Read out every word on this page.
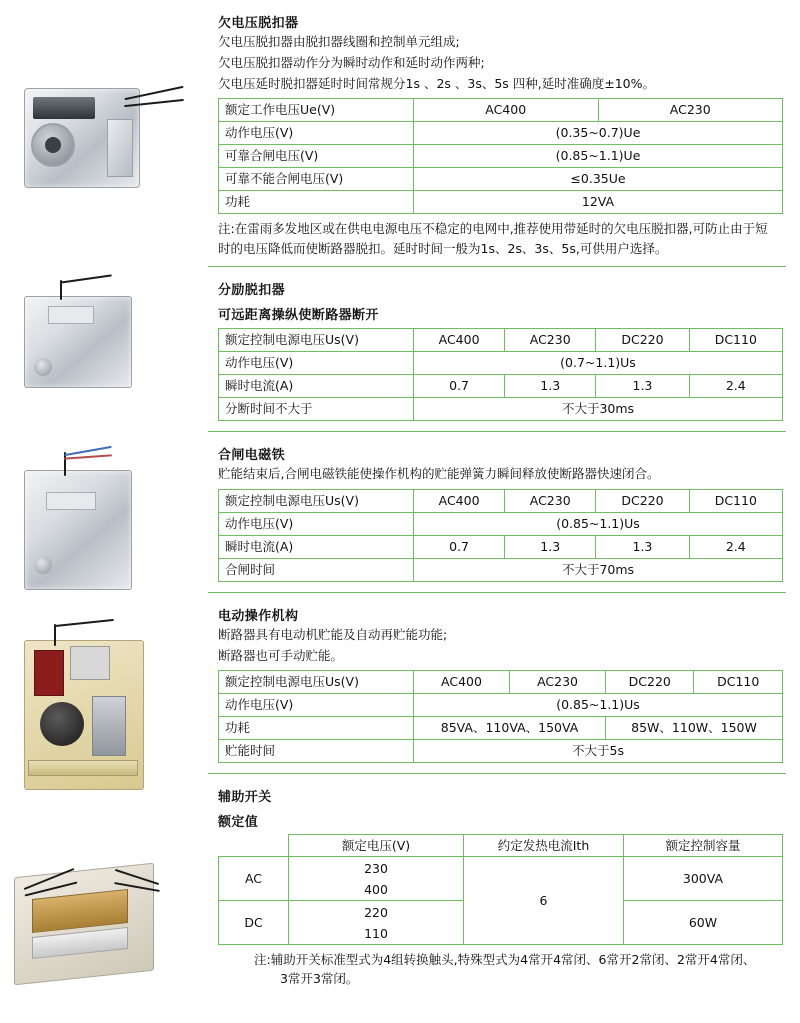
欠电压脱扣器
欠电压脱扣器由脱扣器线圈和控制单元组成;
欠电压脱扣器动作分为瞬时动作和延时动作两种;
欠电压延时脱扣器延时时间常规分1s 、2s 、3s、5s 四种,延时准确度±10%。
额定工作电压Ue(V)	AC400	AC230
动作电压(V)	(0.35~0.7)Ue	
可靠合闸电压(V)	(0.85~1.1)Ue	
可靠不能合闸电压(V)	≤0.35Ue	
功耗	12VA	
注:在雷雨多发地区或在供电电源电压不稳定的电网中,推荐使用带延时的欠电压脱扣器,可防止由于短时的电压降低而使断路器脱扣。延时时间一般为1s、2s、3s、5s,可供用户选择。
分励脱扣器
可远距离操纵使断路器断开
额定控制电源电压Us(V)	AC400	AC230	DC220	DC110
动作电压(V)	(0.7~1.1)Us			
瞬时电流(A)	0.7	1.3	1.3	2.4
分断时间不大于	不大于30ms			
合闸电磁铁
贮能结束后,合闸电磁铁能使操作机构的贮能弹簧力瞬间释放使断路器快速闭合。
额定控制电源电压Us(V)	AC400	AC230	DC220	DC110
动作电压(V)	(0.85~1.1)Us			
瞬时电流(A)	0.7	1.3	1.3	2.4
合闸时间	不大于70ms			
电动操作机构
断路器具有电动机贮能及自动再贮能功能;
断路器也可手动贮能。
额定控制电源电压Us(V)	AC400	AC230	DC220	DC110
动作电压(V)	(0.85~1.1)Us			
功耗	85VA、110VA、150VA		85W、110W、150W	
贮能时间	不大于5s			
辅助开关
额定值
	额定电压(V)	约定发热电流Ith	额定控制容量
AC	230	6	300VA
	400		
DC	220		60W
	110		
注:辅助开关标准型式为4组转换触头,特殊型式为4常开4常闭、6常开2常闭、2常开4常闭、
3常开3常闭。
